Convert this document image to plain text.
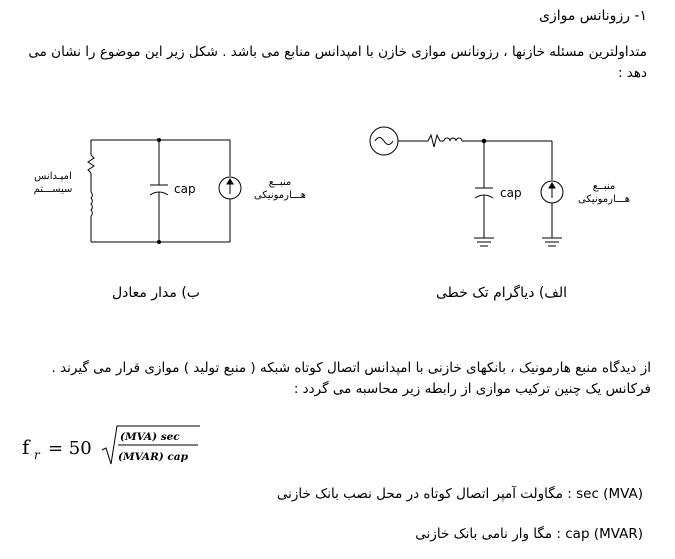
۱- رزونانس موازی
متداولترین مسئله خازنها ، رزونانس موازی خازن با امپدانس منابع می باشد . شکل زیر این موضوع را نشان می دهد :
امپـدانس
سیســـتم	cap	منبــع
هـــارمونیکی
ب) مدار معادل
cap	منبــع
هـــارمونیکی
الف) دیاگرام تک خطی
از دیدگاه منبع هارمونیک ، بانکهای خازنی با امپدانس اتصال کوتاه شبکه ( منبع تولید ) موازی قرار می گیرند . فرکانس یک چنین ترکیب موازی از رابطه زیر محاسبه می گردد :
f r = 50
(MVA) sec
(MVAR) cap
(MVA) sec : مگاولت آمپر اتصال کوتاه در محل نصب بانک خازنی
(MVAR) cap : مگا وار نامی بانک خازنی
